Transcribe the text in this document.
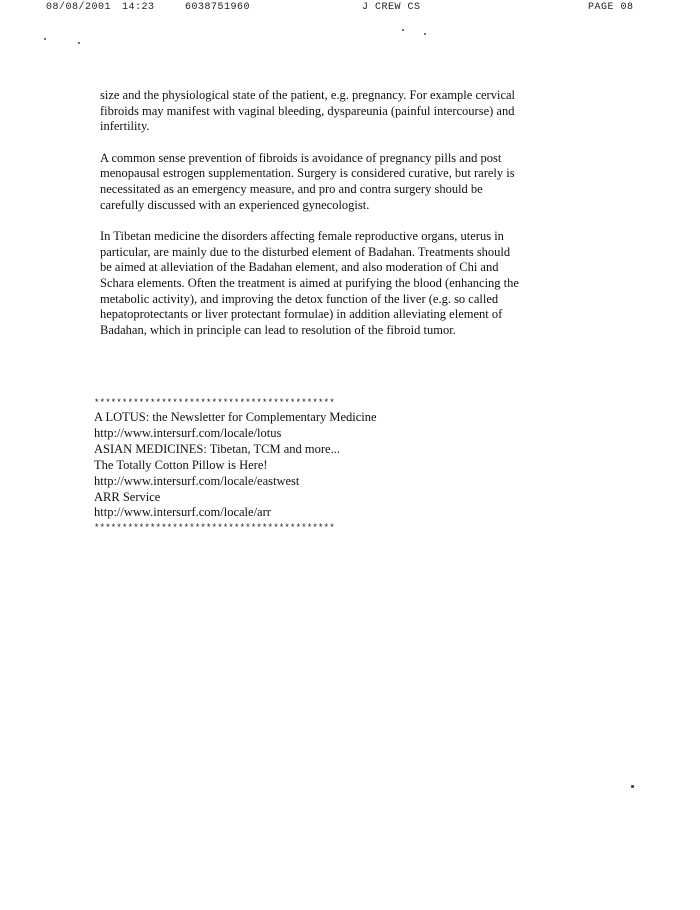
08/08/2001 14:23	6038751960	J CREW CS	PAGE 08

size and the physiological state of the patient, e.g. pregnancy. For example cervical fibroids may manifest with vaginal bleeding, dyspareunia (painful intercourse) and infertility.

A common sense prevention of fibroids is avoidance of pregnancy pills and post menopausal estrogen supplementation. Surgery is considered curative, but rarely is necessitated as an emergency measure, and pro and contra surgery should be carefully discussed with an experienced gynecologist.

In Tibetan medicine the disorders affecting female reproductive organs, uterus in particular, are mainly due to the disturbed element of Badahan. Treatments should be aimed at alleviation of the Badahan element, and also moderation of Chi and Schara elements. Often the treatment is aimed at purifying the blood (enhancing the metabolic activity), and improving the detox function of the liver (e.g. so called hepatoprotectants or liver protectant formulae) in addition alleviating element of Badahan, which in principle can lead to resolution of the fibroid tumor.

*******************************************
A LOTUS: the Newsletter for Complementary Medicine
http://www.intersurf.com/locale/lotus
ASIAN MEDICINES: Tibetan, TCM and more...
The Totally Cotton Pillow is Here!
http://www.intersurf.com/locale/eastwest
ARR Service
http://www.intersurf.com/locale/arr
*******************************************
